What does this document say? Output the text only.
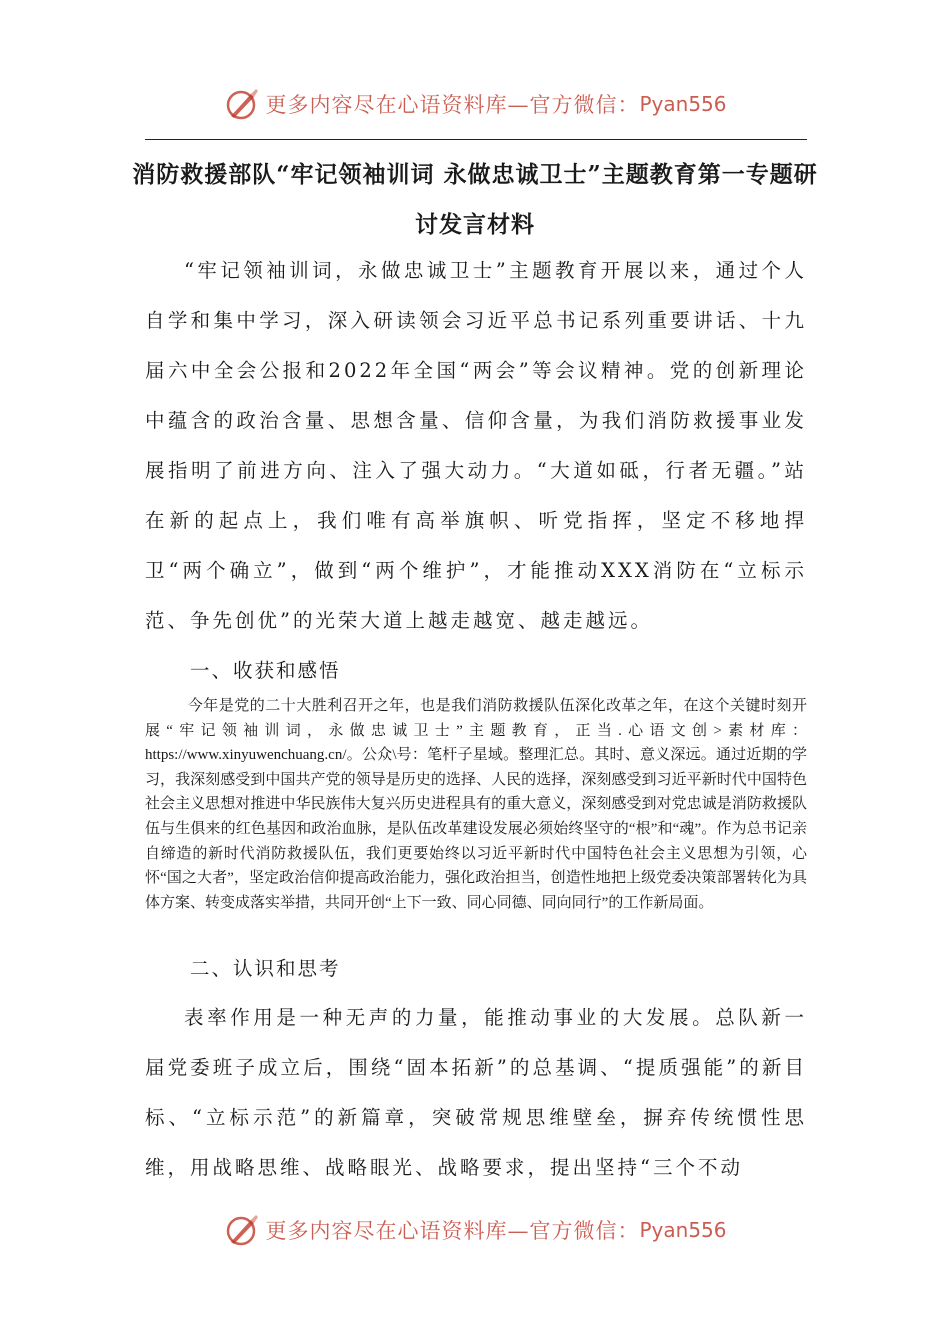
更多内容尽在心语资料库—官方微信： Pyan556
消防救援部队“牢记领袖训词 永做忠诚卫士”主题教育第一专题研讨发言材料
“牢记领袖训词，永做忠诚卫士”主题教育开展以来，通过个人自学和集中学习，深入研读领会习近平总书记系列重要讲话、十九届六中全会公报和2022年全国“两会”等会议精神。党的创新理论中蕴含的政治含量、思想含量、信仰含量，为我们消防救援事业发展指明了前进方向、注入了强大动力。“大道如砥，行者无疆。”站在新的起点上，我们唯有高举旗帜、听党指挥，坚定不移地捍卫“两个确立”，做到“两个维护”，才能推动XXX消防在“立标示范、争先创优”的光荣大道上越走越宽、越走越远。
一、收获和感悟
今年是党的二十大胜利召开之年，也是我们消防救援队伍深化改革之年，在这个关键时刻开展“牢记领袖训词，永做忠诚卫士”主题教育，正当.心语文创>素材库：https://www.xinyuwenchuang.cn/。公众\号：笔杆子星域。整理汇总。其时、意义深远。通过近期的学习，我深刻感受到中国共产党的领导是历史的选择、人民的选择，深刻感受到习近平新时代中国特色社会主义思想对推进中华民族伟大复兴历史进程具有的重大意义，深刻感受到对党忠诚是消防救援队伍与生俱来的红色基因和政治血脉，是队伍改革建设发展必须始终坚守的“根”和“魂”。作为总书记亲自缔造的新时代消防救援队伍，我们更要始终以习近平新时代中国特色社会主义思想为引领，心怀“国之大者”，坚定政治信仰提高政治能力，强化政治担当，创造性地把上级党委决策部署转化为具体方案、转变成落实举措，共同开创“上下一致、同心同德、同向同行”的工作新局面。
二、认识和思考
表率作用是一种无声的力量，能推动事业的大发展。总队新一届党委班子成立后，围绕“固本拓新”的总基调、“提质强能”的新目标、“立标示范”的新篇章，突破常规思维壁垒，摒弃传统惯性思维，用战略思维、战略眼光、战略要求，提出坚持“三个不动
更多内容尽在心语资料库—官方微信： Pyan556
